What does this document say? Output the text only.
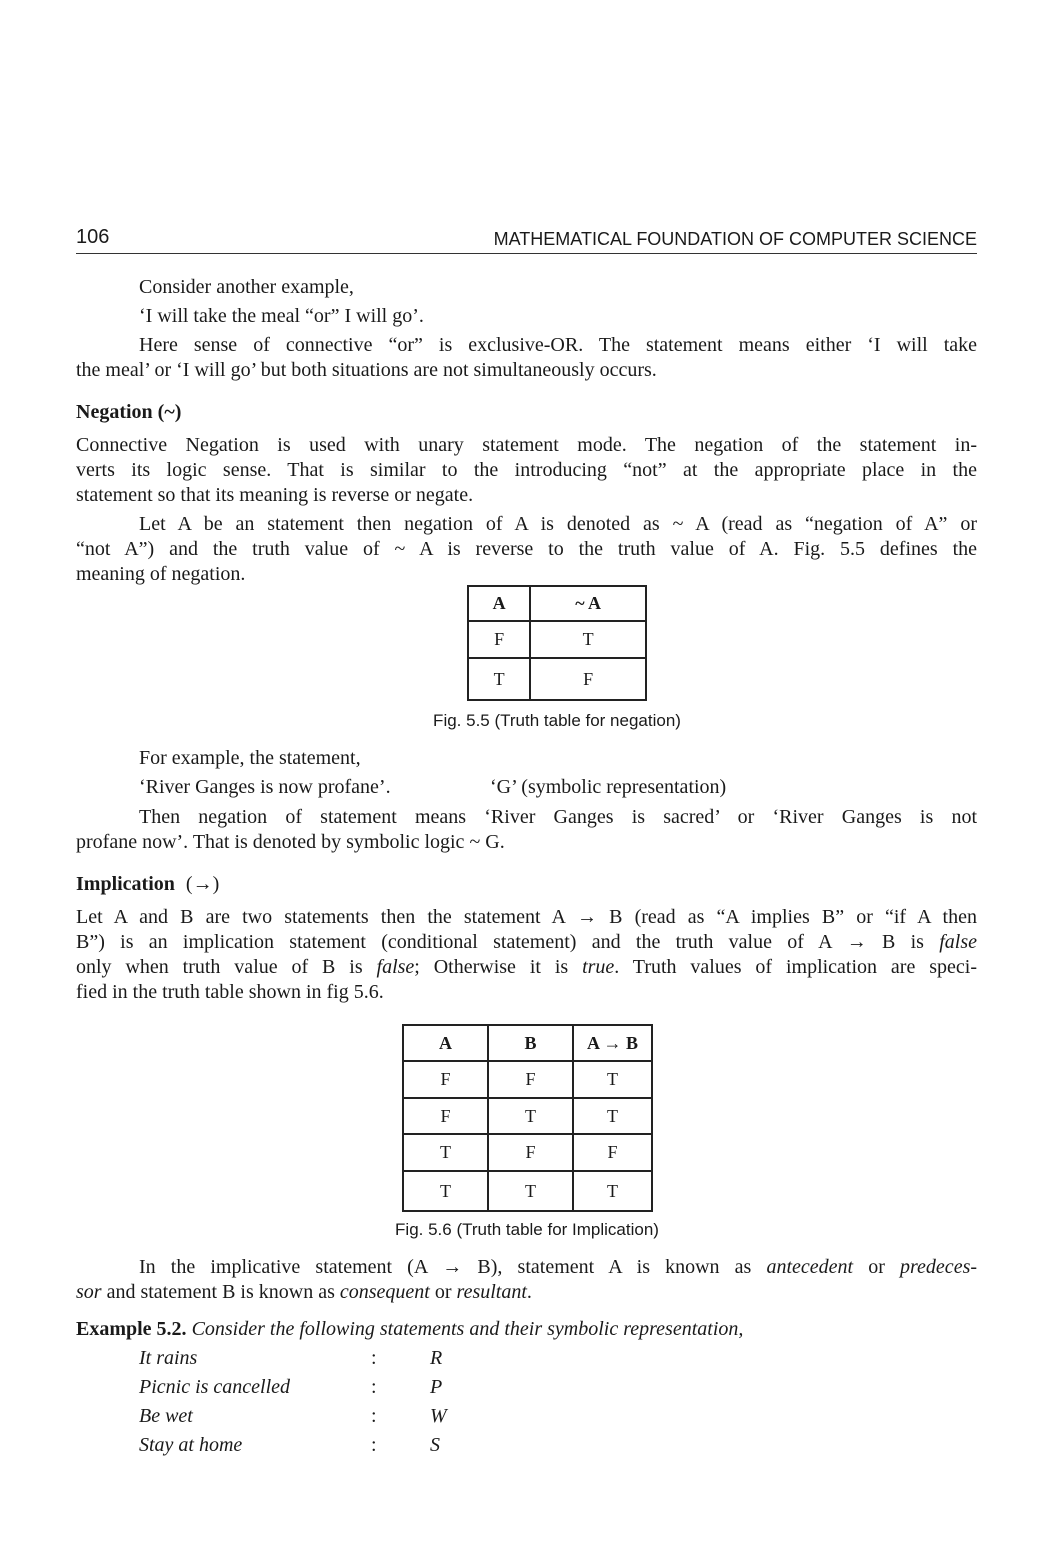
106	MATHEMATICAL FOUNDATION OF COMPUTER SCIENCE
Consider another example,
‘I will take the meal “or” I will go’.
Here sense of connective “or” is exclusive-OR. The statement means either ‘I will take
the meal’ or ‘I will go’ but both situations are not simultaneously occurs.
Negation (~)
Connective Negation is used with unary statement mode. The negation of the statement in-
verts its logic sense. That is similar to the introducing “not” at the appropriate place in the
statement so that its meaning is reverse or negate.
Let A be an statement then negation of A is denoted as ~ A (read as “negation of A” or
“not A”) and the truth value of ~ A is reverse to the truth value of A. Fig. 5.5 defines the
meaning of negation.
A	~ A
F	T
T	F
Fig. 5.5 (Truth table for negation)
For example, the statement,
‘River Ganges is now profane’.	‘G’ (symbolic representation)
Then negation of statement means ‘River Ganges is sacred’ or ‘River Ganges is not
profane now’. That is denoted by symbolic logic ~ G.
Implication (→)
Let A and B are two statements then the statement A → B (read as “A implies B” or “if A then
B”) is an implication statement (conditional statement) and the truth value of A → B is false
only when truth value of B is false; Otherwise it is true. Truth values of implication are speci-
fied in the truth table shown in fig 5.6.
A	B	A → B
F	F	T
F	T	T
T	F	F
T	T	T
Fig. 5.6 (Truth table for Implication)
In the implicative statement (A → B), statement A is known as antecedent or predeces-
sor and statement B is known as consequent or resultant.
Example 5.2. Consider the following statements and their symbolic representation,
It rains	:	R
Picnic is cancelled	:	P
Be wet	:	W
Stay at home	:	S
